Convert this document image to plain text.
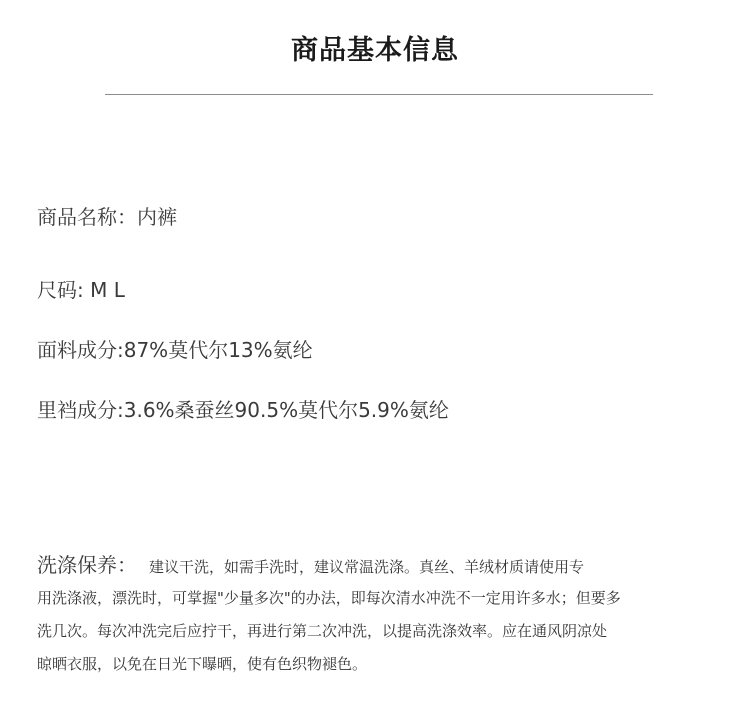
商品基本信息
商品名称：内裤
尺码: M L
面料成分:87%莫代尔13%氨纶
里裆成分:3.6%桑蚕丝90.5%莫代尔5.9%氨纶
洗涤保养： 建议干洗，如需手洗时，建议常温洗涤。真丝、羊绒材质请使用专
用洗涤液，漂洗时，可掌握"少量多次"的办法，即每次清水冲洗不一定用许多水；但要多
洗几次。每次冲洗完后应拧干，再进行第二次冲洗，以提高洗涤效率。应在通风阴凉处
晾晒衣服，以免在日光下曝晒，使有色织物褪色。
